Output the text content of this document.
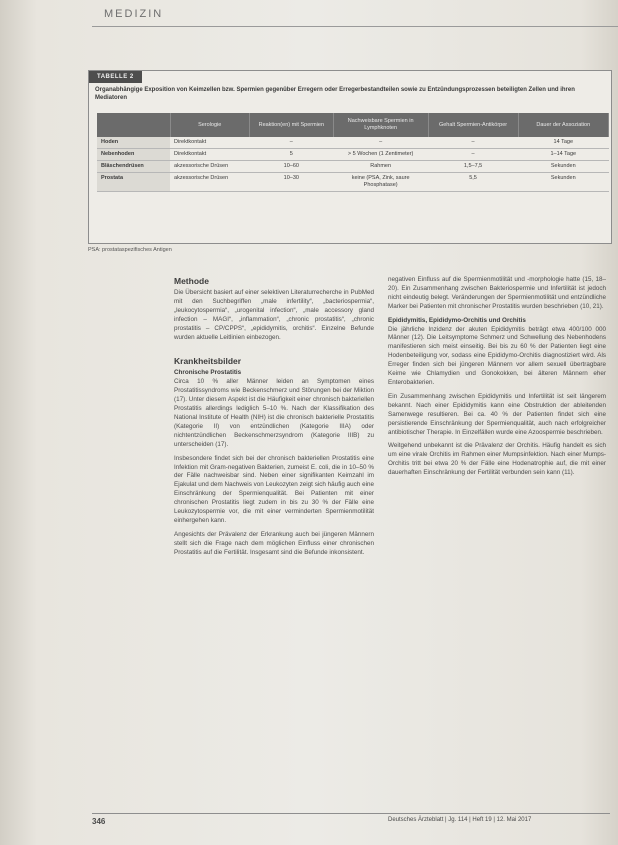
MEDIZIN
TABELLE 2
Organabhängige Exposition von Keimzellen bzw. Spermien gegenüber Erregern oder Erregerbestandteilen sowie zu Entzündungsprozessen beteiligten Zellen und ihren Mediatoren
	Serologie	Reaktion(en) mit Spermien	Nachweisbare Spermien in Lymphknoten	Gehalt Spermien-Antikörper	Dauer der Assoziation
Hoden	Direktkontakt	–	–	–	14 Tage
Nebenhoden	Direktkontakt	5	> 5 Wochen (1 Zentimeter)	–	1–14 Tage
Bläschendrüsen	akzessorische Drüsen	10–60	Rahmen	1,5–7,5	Sekunden
Prostata	akzessorische Drüsen	10–30	keine (PSA, Zink, saure Phosphatase)	5,5	Sekunden
PSA: prostataspezifisches Antigen
Methode

Die Übersicht basiert auf einer selektiven Literaturrecherche in PubMed mit den Suchbegriffen „male infertility“, „bacteriospermia“, „leukocytospermia“, „urogenital infection“, „male accessory gland infection – MAGI“, „inflammation“, „chronic prostatitis“, „chronic prostatitis – CP/CPPS“, „epididymitis, orchitis“. Einzelne Befunde wurden aktuelle Leitlinien einbezogen.

Krankheitsbilder
Chronische Prostatitis

Circa 10 % aller Männer leiden an Symptomen eines Prostatitissyndroms wie Beckenschmerz und Störungen bei der Miktion (17). Unter diesem Aspekt ist die Häufigkeit einer chronisch bakteriellen Prostatitis allerdings lediglich 5–10 %. Nach der Klassifikation des National Institute of Health (NIH) ist die chronisch bakterielle Prostatitis (Kategorie II) von entzündlichen (Kategorie IIIA) oder nichtentzündlichen Beckenschmerzsyndrom (Kategorie IIIB) zu unterscheiden (17).

Insbesondere findet sich bei der chronisch bakteriellen Prostatitis eine Infektion mit Gram-negativen Bakterien, zumeist E. coli, die in 10–50 % der Fälle nachweisbar sind. Neben einer signifikanten Keimzahl im Ejakulat und dem Nachweis von Leukozyten zeigt sich häufig auch eine Einschränkung der Spermienqualität. Bei Patienten mit einer chronischen Prostatitis liegt zudem in bis zu 30 % der Fälle eine Leukozytospermie vor, die mit einer verminderten Spermienmotilität einhergehen kann.

Angesichts der Prävalenz der Erkrankung auch bei jüngeren Männern stellt sich die Frage nach dem möglichen Einfluss einer chronischen Prostatitis auf die Fertilität. Insgesamt sind die Befunde inkonsistent.

negativen Einfluss auf die Spermienmotilität und -morphologie hatte (15, 18–20). Ein Zusammenhang zwischen Bakteriospermie und Infertilität ist jedoch nicht eindeutig belegt. Veränderungen der Spermienmotilität und entzündliche Marker bei Patienten mit chronischer Prostatitis wurden beschrieben (10, 21).

Epididymitis, Epididymo-Orchitis und Orchitis

Die jährliche Inzidenz der akuten Epididymitis beträgt etwa 400/100 000 Männer (12). Die Leitsymptome Schmerz und Schwellung des Nebenhodens manifestieren sich meist einseitig. Bei bis zu 60 % der Patienten liegt eine Hodenbeteiligung vor, sodass eine Epididymo-Orchitis diagnostiziert wird. Als Erreger finden sich bei jüngeren Männern vor allem sexuell übertragbare Keime wie Chlamydien und Gonokokken, bei älteren Männern eher Enterobakterien.

Ein Zusammenhang zwischen Epididymitis und Infertilität ist seit längerem bekannt. Nach einer Epididymitis kann eine Obstruktion der ableitenden Samenwege resultieren. Bei ca. 40 % der Patienten findet sich eine persistierende Einschränkung der Spermienqualität, auch nach erfolgreicher antibiotischer Therapie. In Einzelfällen wurde eine Azoospermie beschrieben.

Weitgehend unbekannt ist die Prävalenz der Orchitis. Häufig handelt es sich um eine virale Orchitis im Rahmen einer Mumpsinfektion. Nach einer Mumps-Orchitis tritt bei etwa 20 % der Fälle eine Hodenatrophie auf, die mit einer dauerhaften Einschränkung der Fertilität verbunden sein kann (11).

346	Deutsches Ärzteblatt | Jg. 114 | Heft 19 | 12. Mai 2017
